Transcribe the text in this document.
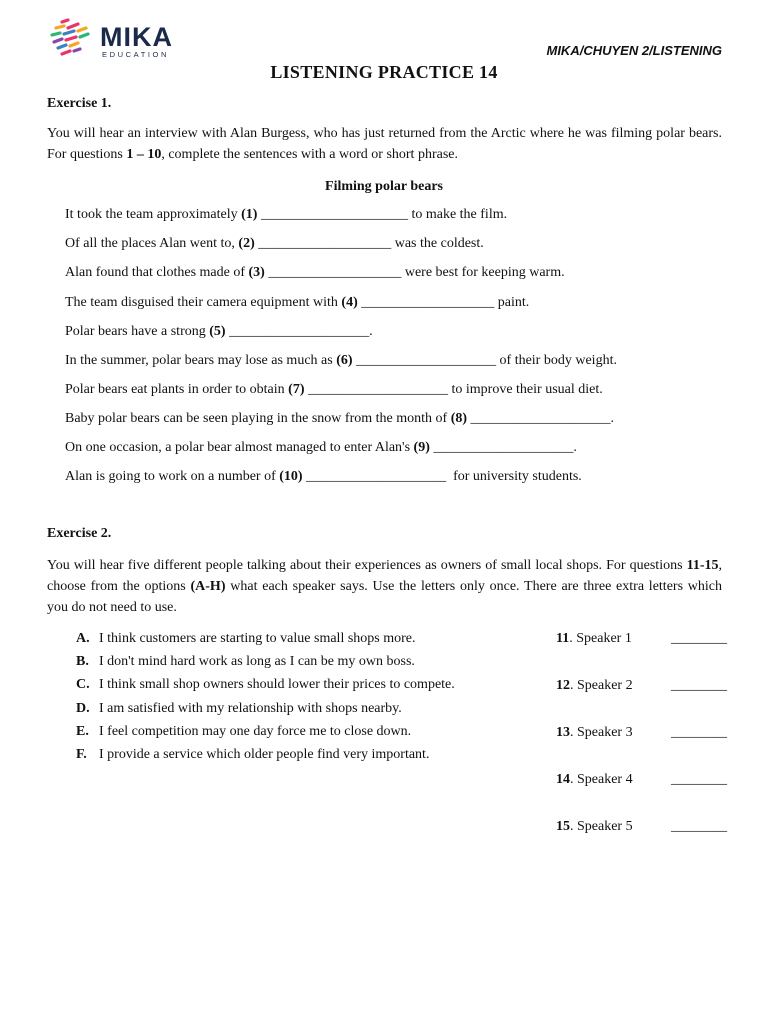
MIKA
EDUCATION	MIKA/CHUYEN 2/LISTENING
LISTENING PRACTICE 14
Exercise 1.
You will hear an interview with Alan Burgess, who has just returned from the Arctic where he was filming polar bears. For questions 1 – 10, complete the sentences with a word or short phrase.
Filming polar bears
It took the team approximately (1) _____________________ to make the film.
Of all the places Alan went to, (2) ___________________ was the coldest.
Alan found that clothes made of (3) ___________________ were best for keeping warm.
The team disguised their camera equipment with (4) ___________________ paint.
Polar bears have a strong (5) ____________________.
In the summer, polar bears may lose as much as (6) ____________________ of their body weight.
Polar bears eat plants in order to obtain (7) ____________________ to improve their usual diet.
Baby polar bears can be seen playing in the snow from the month of (8) ____________________.
On one occasion, a polar bear almost managed to enter Alan's (9) ____________________.
Alan is going to work on a number of (10) ____________________  for university students.
Exercise 2.
You will hear five different people talking about their experiences as owners of small local shops. For questions 11-15, choose from the options (A-H) what each speaker says. Use the letters only once. There are three extra letters which you do not need to use.
A. I think customers are starting to value small shops more.
B. I don't mind hard work as long as I can be my own boss.
C. I think small shop owners should lower their prices to compete.
D. I am satisfied with my relationship with shops nearby.
E. I feel competition may one day force me to close down.
F. I provide a service which older people find very important.
11. Speaker 1	________
12. Speaker 2	________
13. Speaker 3	________
14. Speaker 4	________
15. Speaker 5	________
